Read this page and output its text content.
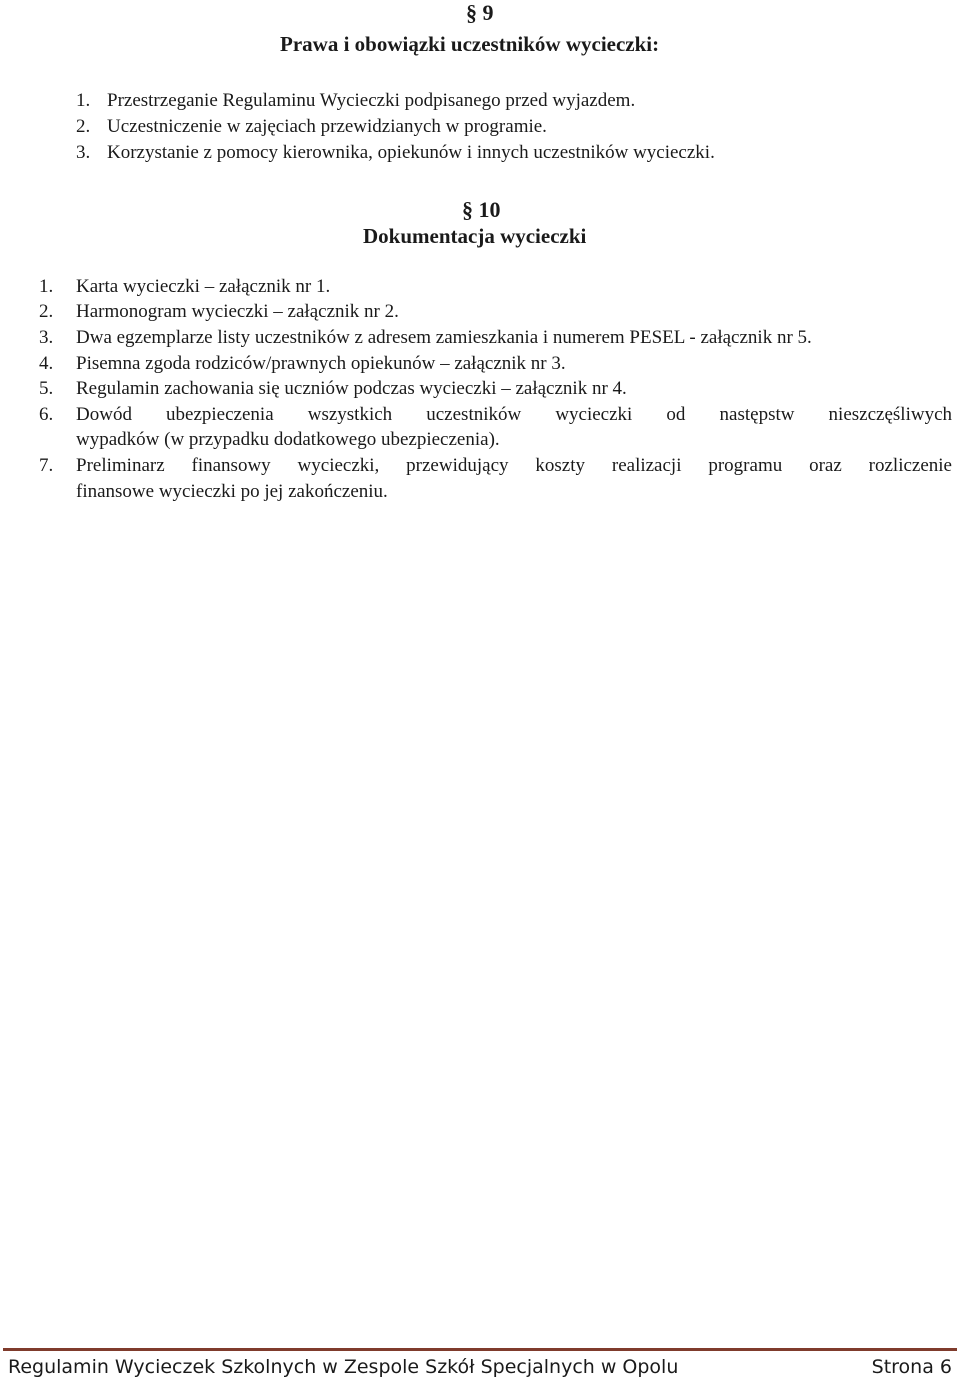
§ 9
Prawa i obowiązki uczestników wycieczki:
1. Przestrzeganie Regulaminu Wycieczki podpisanego przed wyjazdem.
2. Uczestniczenie w zajęciach przewidzianych w programie.
3. Korzystanie z pomocy kierownika, opiekunów i innych uczestników wycieczki.
§ 10
Dokumentacja wycieczki
1. Karta wycieczki – załącznik nr 1.
2. Harmonogram wycieczki – załącznik nr 2.
3. Dwa egzemplarze listy uczestników z adresem zamieszkania i numerem PESEL - załącznik nr 5.
4. Pisemna zgoda rodziców/prawnych opiekunów – załącznik nr 3.
5. Regulamin zachowania się uczniów podczas wycieczki – załącznik nr 4.
6. Dowód ubezpieczenia wszystkich uczestników wycieczki od następstw nieszczęśliwych
wypadków (w przypadku dodatkowego ubezpieczenia).
7. Preliminarz finansowy wycieczki, przewidujący koszty realizacji programu oraz rozliczenie
finansowe wycieczki po jej zakończeniu.
Regulamin Wycieczek Szkolnych w Zespole Szkół Specjalnych w Opolu	Strona 6
